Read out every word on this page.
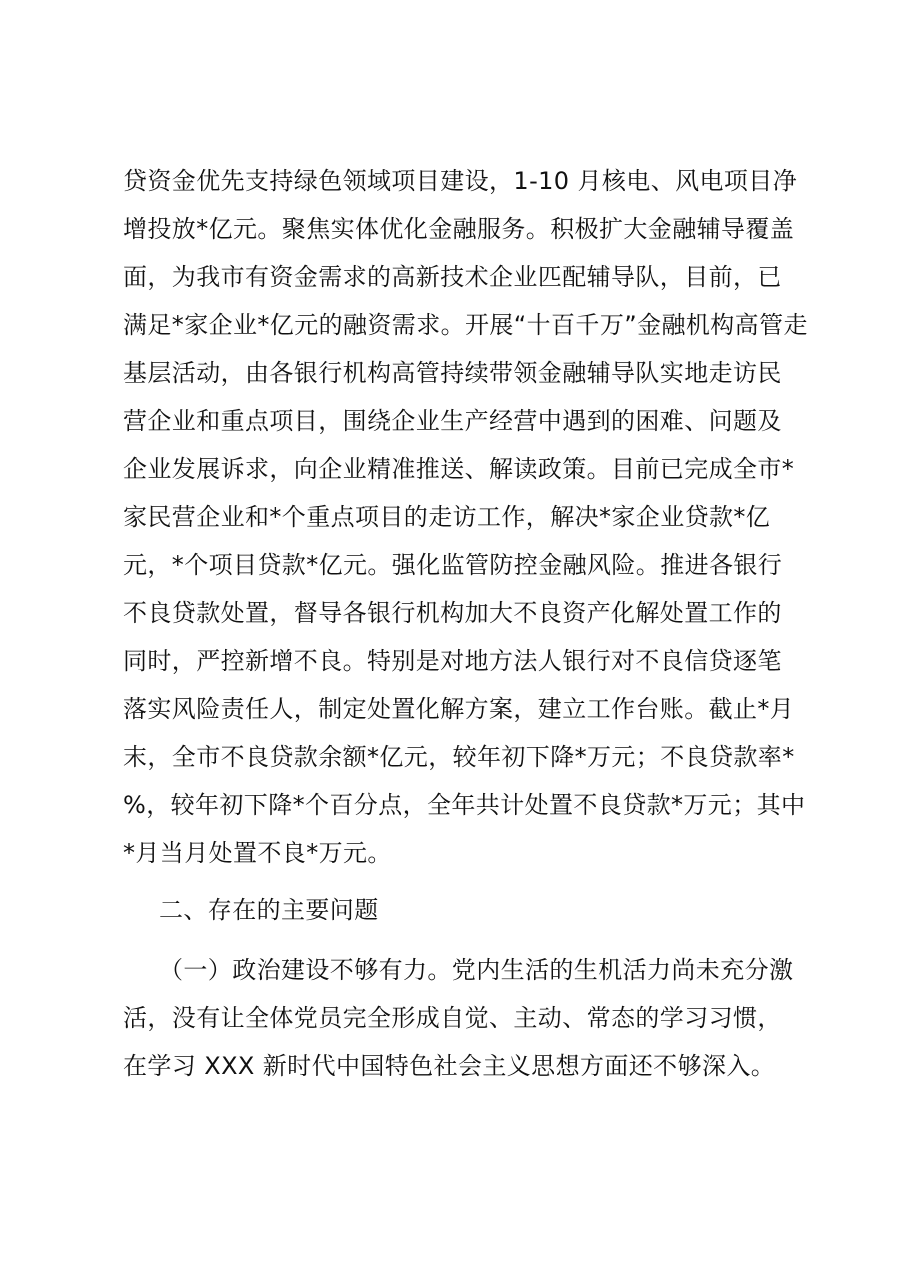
贷资金优先支持绿色领域项目建设，1-10 月核电、风电项目净
增投放*亿元。聚焦实体优化金融服务。积极扩大金融辅导覆盖
面，为我市有资金需求的高新技术企业匹配辅导队，目前，已
满足*家企业*亿元的融资需求。开展“十百千万”金融机构高管走
基层活动，由各银行机构高管持续带领金融辅导队实地走访民
营企业和重点项目，围绕企业生产经营中遇到的困难、问题及
企业发展诉求，向企业精准推送、解读政策。目前已完成全市*
家民营企业和*个重点项目的走访工作，解决*家企业贷款*亿
元，*个项目贷款*亿元。强化监管防控金融风险。推进各银行
不良贷款处置，督导各银行机构加大不良资产化解处置工作的
同时，严控新增不良。特别是对地方法人银行对不良信贷逐笔
落实风险责任人，制定处置化解方案，建立工作台账。截止*月
末，全市不良贷款余额*亿元，较年初下降*万元；不良贷款率*
%，较年初下降*个百分点，全年共计处置不良贷款*万元；其中
*月当月处置不良*万元。
二、存在的主要问题
（一）政治建设不够有力。党内生活的生机活力尚未充分激
活，没有让全体党员完全形成自觉、主动、常态的学习习惯，
在学习 XXX 新时代中国特色社会主义思想方面还不够深入。
